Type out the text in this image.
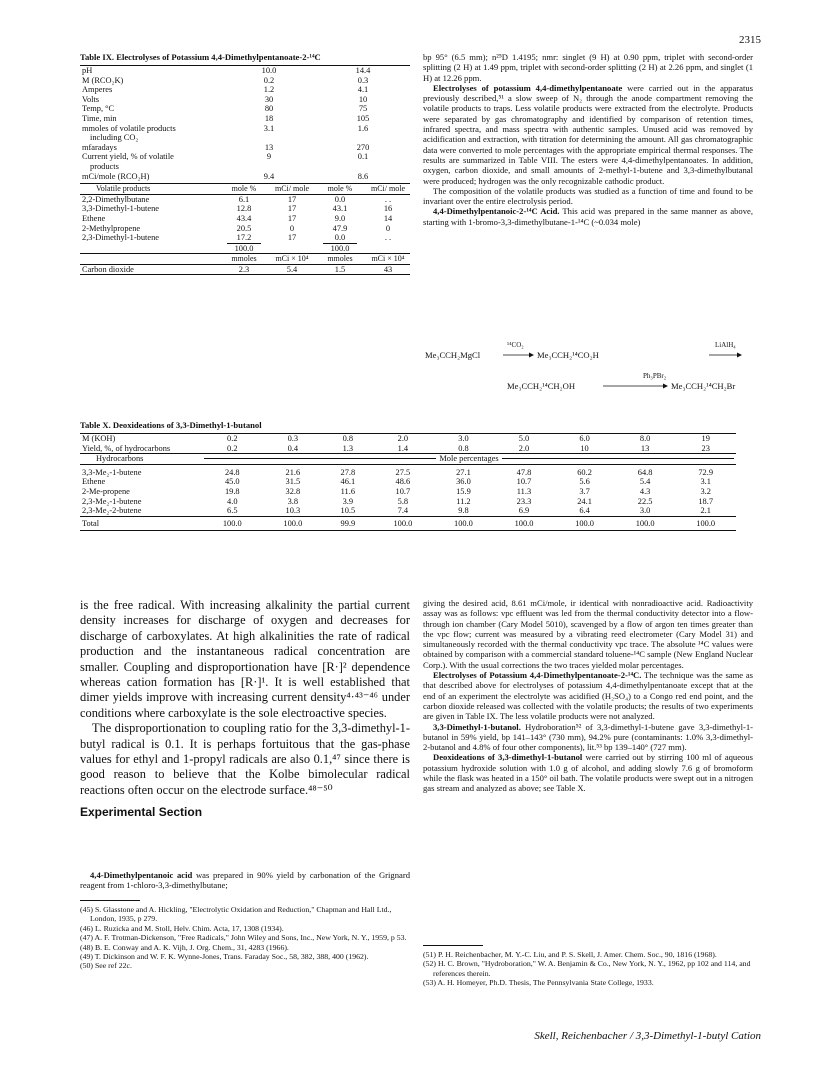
2315
Table IX. Electrolyses of Potassium 4,4-Dimethylpentanoate-2-¹⁴C
pH	10.0	14.4
M (RCO₂K)	0.2	0.3
Amperes	1.2	4.1
Volts	30	10
Temp, °C	80	75
Time, min	18	105
mmoles of volatile products	3.1	1.6
including CO₂		
mfaradays	13	270
Current yield, % of volatile	9	0.1
products		
mCi/mole (RCO₂H)	9.4	8.6
Volatile products	mole %	mCi/ mole	mole %	mCi/ mole
2,2-Dimethylbutane	6.1	17	0.0	. .
3,3-Dimethyl-1-butene	12.8	17	43.1	16
Ethene	43.4	17	9.0	14
2-Methylpropene	20.5	0	47.9	0
2,3-Dimethyl-1-butene	17.2	17	0.0	. .
	100.0		100.0	
	mmoles	mCi × 10⁴	mmoles	mCi × 10⁴
Carbon dioxide	2.3	5.4	1.5	43

bp 95° (6.5 mm); n²⁵D 1.4195; nmr: singlet (9 H) at 0.90 ppm, triplet with second-order splitting (2 H) at 1.49 ppm, triplet with second-order splitting (2 H) at 2.26 ppm, and singlet (1 H) at 12.26 ppm.

Electrolyses of potassium 4,4-dimethylpentanoate were carried out in the apparatus previously described,⁵¹ a slow sweep of N₂ through the anode compartment removing the volatile products to traps. Less volatile products were extracted from the electrolyte. Products were separated by gas chromatography and identified by comparison of retention times, infrared spectra, and mass spectra with authentic samples. Unused acid was removed by acidification and extraction, with titration for determining the amount. All gas chromatographic data were converted to mole percentages with the appropriate empirical thermal responses. The results are summarized in Table VIII. The esters were 4,4-dimethylpentanoates. In addition, oxygen, carbon dioxide, and small amounts of 2-methyl-1-butene and 3,3-dimethylbutanal were produced; hydrogen was the only recognizable cathodic product.

The composition of the volatile products was studied as a function of time and found to be invariant over the entire electrolysis period.

4,4-Dimethylpentanoic-2-¹⁴C Acid. This acid was prepared in the same manner as above, starting with 1-bromo-3,3-dimethylbutane-1-¹⁴C (~0.034 mole)

Me₃CCH₂MgCl
¹⁴CO₂
Me₃CCH₂¹⁴CO₂H
LiAlH₄
Me₃CCH₂¹⁴CH₂OH
Ph₃PBr₂
Me₃CCH₂¹⁴CH₂Br
Table X. Deoxideations of 3,3-Dimethyl-1-butanol
M (KOH)	0.2	0.3	0.8	2.0	3.0	5.0	6.0	8.0	19
Yield, %, of hydrocarbons	0.2	0.4	1.3	1.4	0.8	2.0	10	13	23
Hydrocarbons	Mole percentages								

3,3-Me₂-1-butene	24.8	21.6	27.8	27.5	27.1	47.8	60.2	64.8	72.9
Ethene	45.0	31.5	46.1	48.6	36.0	10.7	5.6	5.4	3.1
2-Me-propene	19.8	32.8	11.6	10.7	15.9	11.3	3.7	4.3	3.2
2,3-Me₂-1-butene	4.0	3.8	3.9	5.8	11.2	23.3	24.1	22.5	18.7
2,3-Me₂-2-butene	6.5	10.3	10.5	7.4	9.8	6.9	6.4	3.0	2.1
Total	100.0	100.0	99.9	100.0	100.0	100.0	100.0	100.0	100.0

is the free radical. With increasing alkalinity the partial current density increases for discharge of oxygen and decreases for discharge of carboxylates. At high alkalinities the rate of radical production and the instantaneous radical concentration are smaller. Coupling and disproportionation have [R·]² dependence whereas cation formation has [R·]¹. It is well established that dimer yields improve with increasing current density⁴·⁴³⁻⁴⁶ under conditions where carboxylate is the sole electroactive species.

The disproportionation to coupling ratio for the 3,3-dimethyl-1-butyl radical is 0.1. It is perhaps fortuitous that the gas-phase values for ethyl and 1-propyl radicals are also 0.1,⁴⁷ since there is good reason to believe that the Kolbe bimolecular radical reactions often occur on the electrode surface.⁴⁸⁻⁵⁰

Experimental Section

4,4-Dimethylpentanoic acid was prepared in 90% yield by carbonation of the Grignard reagent from 1-chloro-3,3-dimethylbutane;

(45) S. Glasstone and A. Hickling, "Electrolytic Oxidation and Reduction," Chapman and Hall Ltd., London, 1935, p 279.
(46) L. Ruzicka and M. Stoll, Helv. Chim. Acta, 17, 1308 (1934).
(47) A. F. Trotman-Dickenson, "Free Radicals," John Wiley and Sons, Inc., New York, N. Y., 1959, p 53.
(48) B. E. Conway and A. K. Vijh, J. Org. Chem., 31, 4283 (1966).
(49) T. Dickinson and W. F. K. Wynne-Jones, Trans. Faraday Soc., 58, 382, 388, 400 (1962).
(50) See ref 22c.

giving the desired acid, 8.61 mCi/mole, ir identical with nonradioactive acid. Radioactivity assay was as follows: vpc effluent was led from the thermal conductivity detector into a flow-through ion chamber (Cary Model 5010), scavenged by a flow of argon ten times greater than the vpc flow; current was measured by a vibrating reed electrometer (Cary Model 31) and simultaneously recorded with the thermal conductivity vpc trace. The absolute ¹⁴C values were obtained by comparison with a commercial standard toluene-¹⁴C sample (New England Nuclear Corp.). With the usual corrections the two traces yielded molar percentages.

Electrolyses of Potassium 4,4-Dimethylpentanoate-2-¹⁴C. The technique was the same as that described above for electrolyses of potassium 4,4-dimethylpentanoate except that at the end of an experiment the electrolyte was acidified (H₂SO₄) to a Congo red end point, and the carbon dioxide released was collected with the volatile products; the results of two experiments are given in Table IX. The less volatile products were not analyzed.

3,3-Dimethyl-1-butanol. Hydroboration⁵² of 3,3-dimethyl-1-butene gave 3,3-dimethyl-1-butanol in 59% yield, bp 141–143° (730 mm), 94.2% pure (contaminants: 1.0% 3,3-dimethyl-2-butanol and 4.8% of four other components), lit.⁵³ bp 139–140° (727 mm).

Deoxideations of 3,3-dimethyl-1-butanol were carried out by stirring 100 ml of aqueous potassium hydroxide solution with 1.0 g of alcohol, and adding slowly 7.6 g of bromoform while the flask was heated in a 150° oil bath. The volatile products were swept out in a nitrogen gas stream and analyzed as above; see Table X.

(51) P. H. Reichenbacher, M. Y.-C. Liu, and P. S. Skell, J. Amer. Chem. Soc., 90, 1816 (1968).
(52) H. C. Brown, "Hydroboration," W. A. Benjamin & Co., New York, N. Y., 1962, pp 102 and 114, and references therein.
(53) A. H. Homeyer, Ph.D. Thesis, The Pennsylvania State College, 1933.
Skell, Reichenbacher / 3,3-Dimethyl-1-butyl Cation
